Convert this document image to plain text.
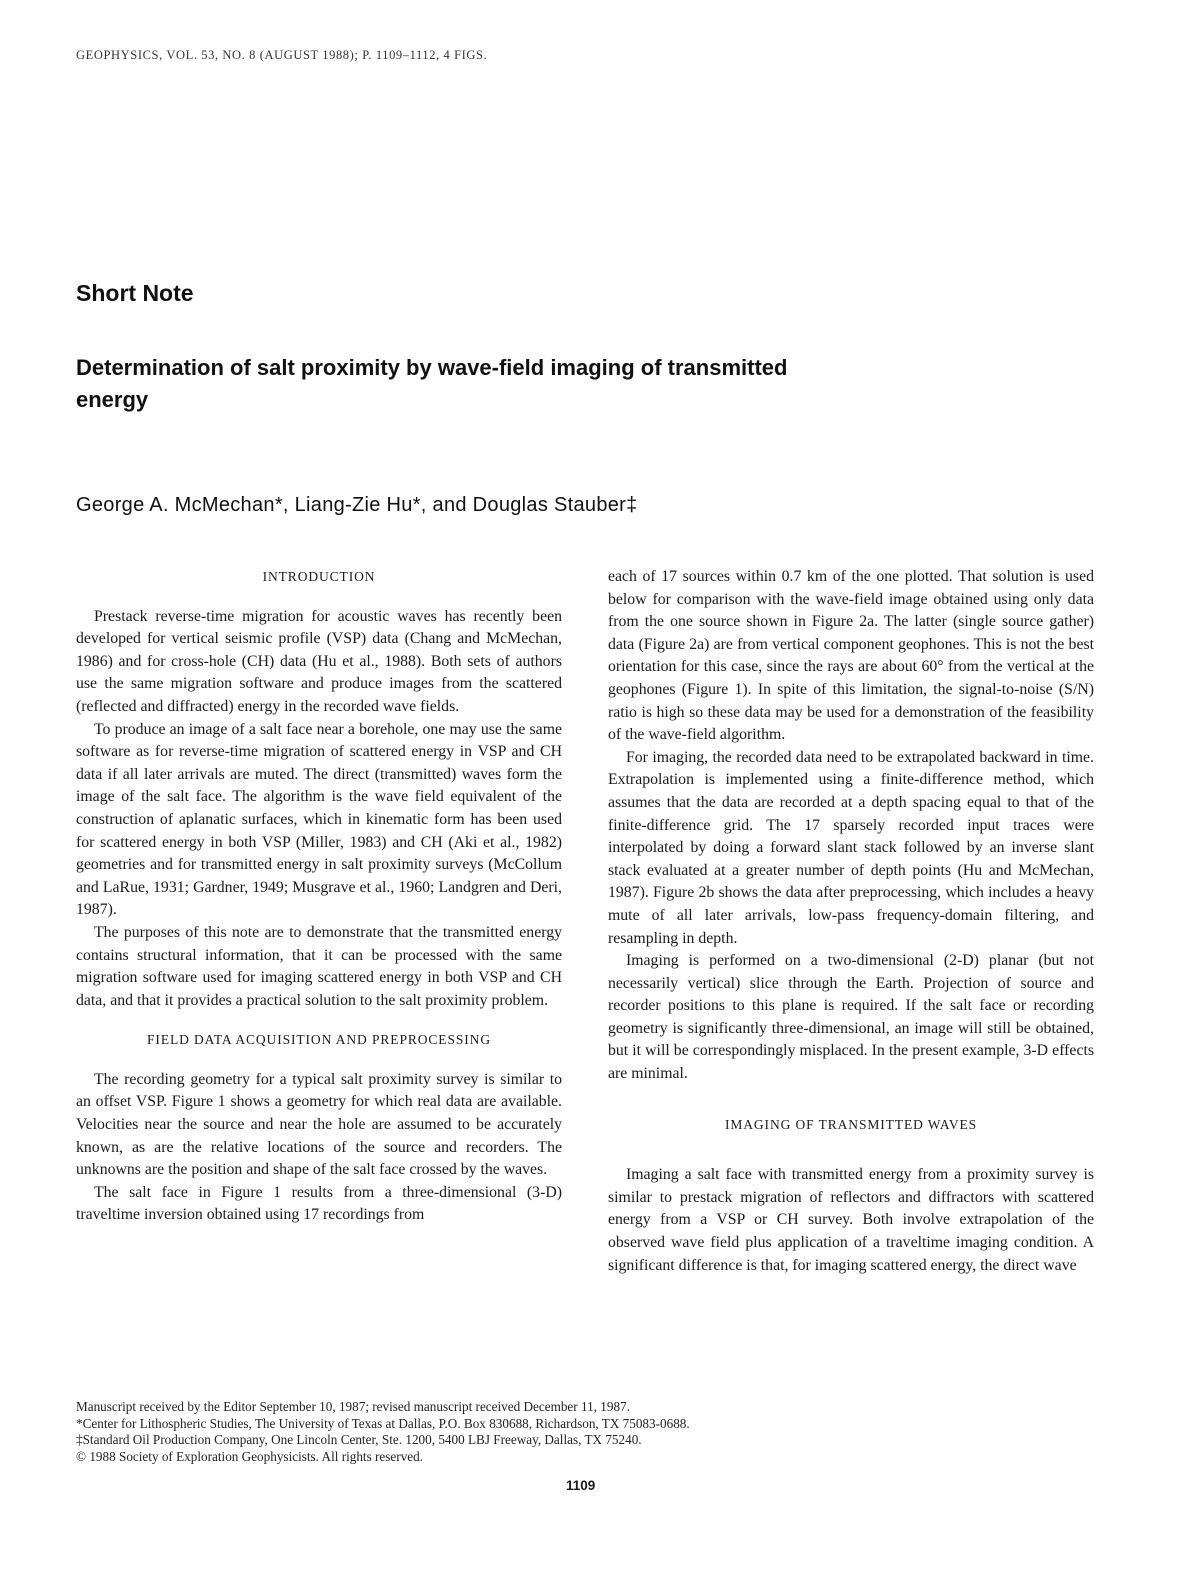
GEOPHYSICS, VOL. 53, NO. 8 (AUGUST 1988); P. 1109–1112, 4 FIGS.
Short Note
Determination of salt proximity by wave-field imaging of transmitted energy
George A. McMechan*, Liang-Zie Hu*, and Douglas Stauber‡
INTRODUCTION

Prestack reverse-time migration for acoustic waves has recently been developed for vertical seismic profile (VSP) data (Chang and McMechan, 1986) and for cross-hole (CH) data (Hu et al., 1988). Both sets of authors use the same migration software and produce images from the scattered (reflected and diffracted) energy in the recorded wave fields.

To produce an image of a salt face near a borehole, one may use the same software as for reverse-time migration of scattered energy in VSP and CH data if all later arrivals are muted. The direct (transmitted) waves form the image of the salt face. The algorithm is the wave field equivalent of the construction of aplanatic surfaces, which in kinematic form has been used for scattered energy in both VSP (Miller, 1983) and CH (Aki et al., 1982) geometries and for transmitted energy in salt proximity surveys (McCollum and LaRue, 1931; Gardner, 1949; Musgrave et al., 1960; Landgren and Deri, 1987).

The purposes of this note are to demonstrate that the transmitted energy contains structural information, that it can be processed with the same migration software used for imaging scattered energy in both VSP and CH data, and that it provides a practical solution to the salt proximity problem.

FIELD DATA ACQUISITION AND PREPROCESSING

The recording geometry for a typical salt proximity survey is similar to an offset VSP. Figure 1 shows a geometry for which real data are available. Velocities near the source and near the hole are assumed to be accurately known, as are the relative locations of the source and recorders. The unknowns are the position and shape of the salt face crossed by the waves.

The salt face in Figure 1 results from a three-dimensional (3-D) traveltime inversion obtained using 17 recordings from

each of 17 sources within 0.7 km of the one plotted. That solution is used below for comparison with the wave-field image obtained using only data from the one source shown in Figure 2a. The latter (single source gather) data (Figure 2a) are from vertical component geophones. This is not the best orientation for this case, since the rays are about 60° from the vertical at the geophones (Figure 1). In spite of this limitation, the signal-to-noise (S/N) ratio is high so these data may be used for a demonstration of the feasibility of the wave-field algorithm.

For imaging, the recorded data need to be extrapolated backward in time. Extrapolation is implemented using a finite-difference method, which assumes that the data are recorded at a depth spacing equal to that of the finite-difference grid. The 17 sparsely recorded input traces were interpolated by doing a forward slant stack followed by an inverse slant stack evaluated at a greater number of depth points (Hu and McMechan, 1987). Figure 2b shows the data after preprocessing, which includes a heavy mute of all later arrivals, low-pass frequency-domain filtering, and resampling in depth.

Imaging is performed on a two-dimensional (2-D) planar (but not necessarily vertical) slice through the Earth. Projection of source and recorder positions to this plane is required. If the salt face or recording geometry is significantly three-dimensional, an image will still be obtained, but it will be correspondingly misplaced. In the present example, 3-D effects are minimal.

IMAGING OF TRANSMITTED WAVES

Imaging a salt face with transmitted energy from a proximity survey is similar to prestack migration of reflectors and diffractors with scattered energy from a VSP or CH survey. Both involve extrapolation of the observed wave field plus application of a traveltime imaging condition. A significant difference is that, for imaging scattered energy, the direct wave

Manuscript received by the Editor September 10, 1987; revised manuscript received December 11, 1987.
*Center for Lithospheric Studies, The University of Texas at Dallas, P.O. Box 830688, Richardson, TX 75083-0688.
‡Standard Oil Production Company, One Lincoln Center, Ste. 1200, 5400 LBJ Freeway, Dallas, TX 75240.
© 1988 Society of Exploration Geophysicists. All rights reserved.
1109
